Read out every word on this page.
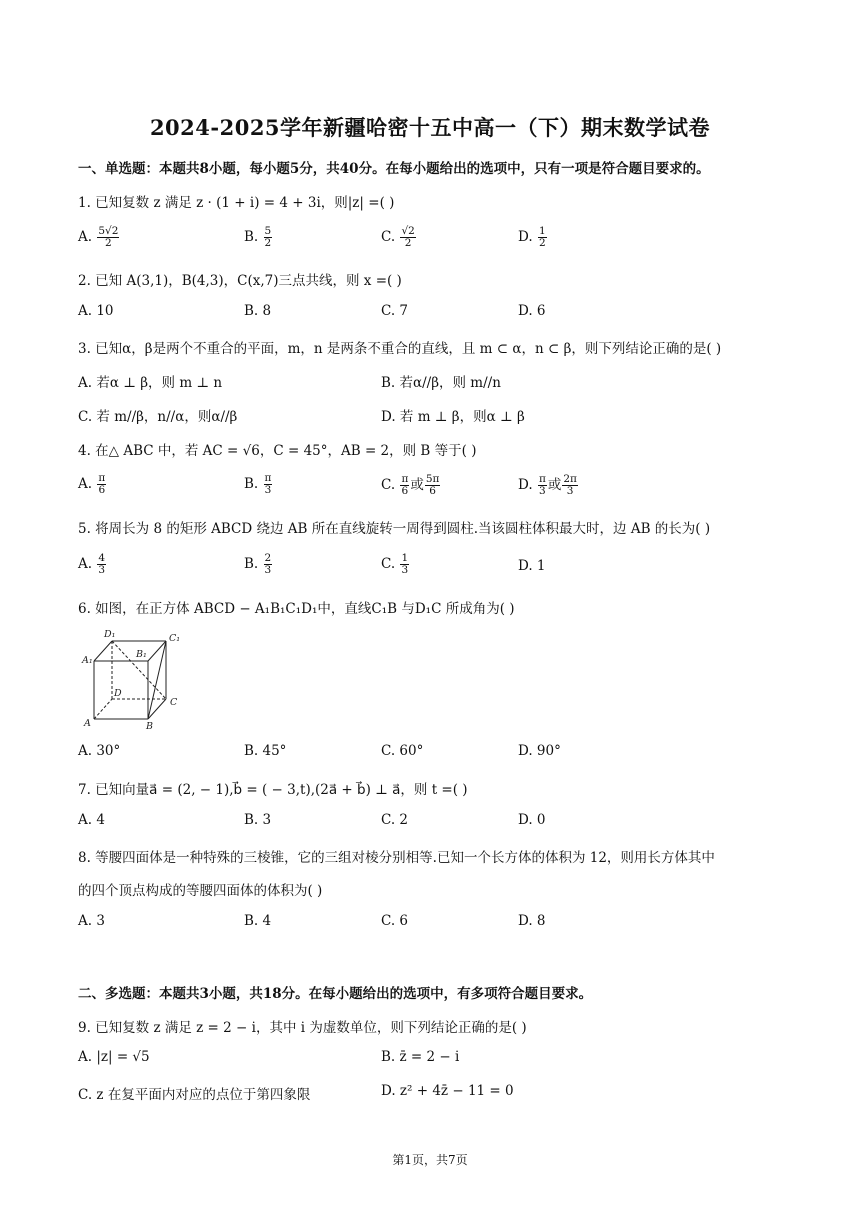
2024-2025学年新疆哈密十五中高一（下）期末数学试卷
一、单选题：本题共8小题，每小题5分，共40分。在每小题给出的选项中，只有一项是符合题目要求的。
1. 已知复数 z 满足 z · (1 + i) = 4 + 3i，则|z| =( )
A. $\frac{5√2}{2}$	B. $\frac{5}{2}$	C. $\frac{√2}{2}$	D. $\frac{1}{2}$
2. 已知 A(3,1)，B(4,3)，C(x,7)三点共线，则 x =( )
A. 10	B. 8	C. 7	D. 6
3. 已知α，β是两个不重合的平面，m，n 是两条不重合的直线，且 m ⊂ α，n ⊂ β，则下列结论正确的是( )
A. 若α ⊥ β，则 m ⊥ n	B. 若α//β，则 m//n
C. 若 m//β，n//α，则α//β	D. 若 m ⊥ β，则α ⊥ β
4. 在△ ABC 中，若 AC = √6，C = 45°，AB = 2，则 B 等于( )
A. $\frac{\pi}{6}$	B. $\frac{\pi}{3}$	C. $\frac{\pi}{6}$ 或 $\frac{5\pi}{6}$	D. $\frac{\pi}{3}$ 或 $\frac{2\pi}{3}$
5. 将周长为 8 的矩形 ABCD 绕边 AB 所在直线旋转一周得到圆柱.当该圆柱体积最大时，边 AB 的长为( )
A. $\frac{4}{3}$	B. $\frac{2}{3}$	C. $\frac{1}{3}$	D. 1
6. 如图，在正方体 ABCD − A₁B₁C₁D₁中，直线C₁B 与D₁C 所成角为( )
D₁	C₁
A₁
B₁
D
C
A	B
A. 30°	B. 45°	C. 60°	D. 90°
7. 已知向量a⃗ = (2, − 1),b⃗ = ( − 3,t),(2a⃗ + b⃗) ⊥ a⃗，则 t =( )
A. 4	B. 3	C. 2	D. 0
8. 等腰四面体是一种特殊的三棱锥，它的三组对棱分别相等.已知一个长方体的体积为 12，则用长方体其中
的四个顶点构成的等腰四面体的体积为( )
A. 3	B. 4	C. 6	D. 8
二、多选题：本题共3小题，共18分。在每小题给出的选项中，有多项符合题目要求。
9. 已知复数 z 满足 z = 2 − i，其中 i 为虚数单位，则下列结论正确的是( )
A. |z| = √5	B. z̄ = 2 − i
C. z 在复平面内对应的点位于第四象限	D. z² + 4z̄ − 11 = 0
第1页，共7页
